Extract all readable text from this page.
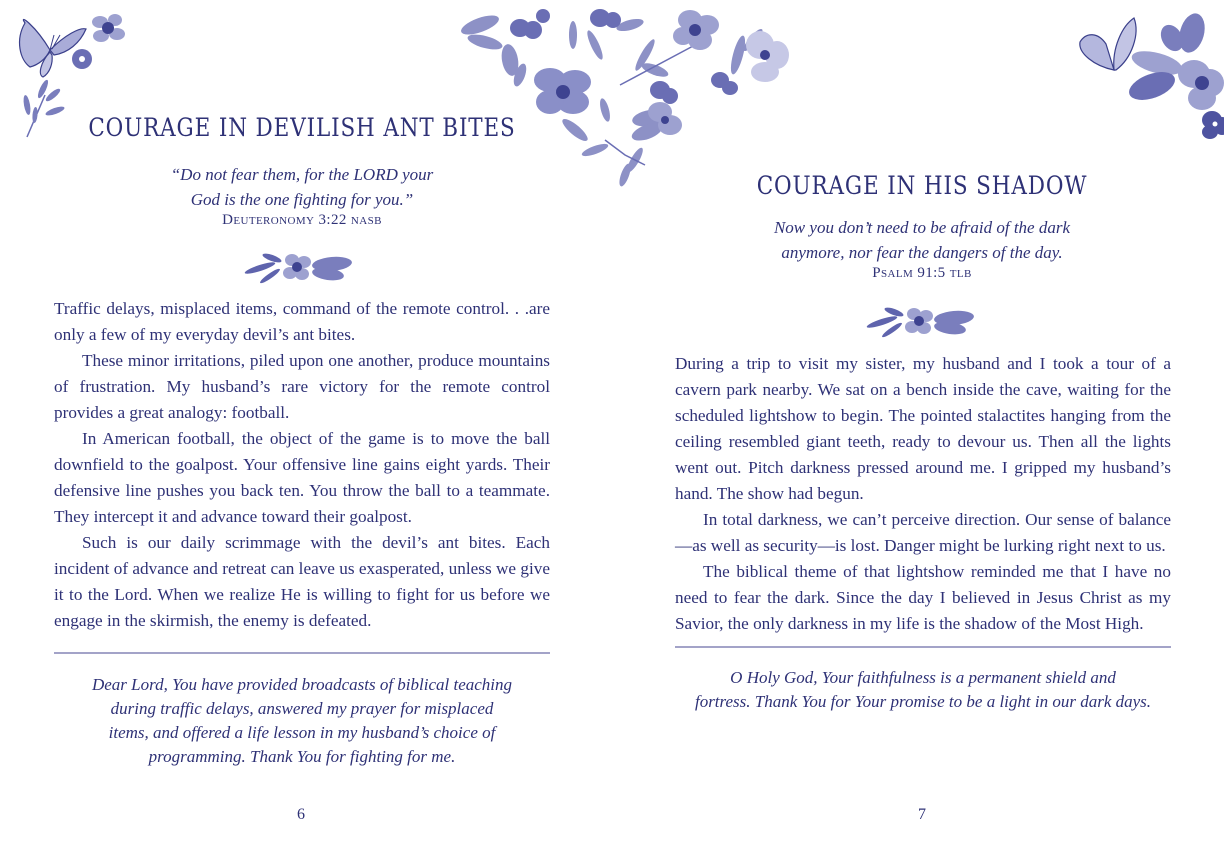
COURAGE IN DEVILISH ANT BITES
“Do not fear them, for the LORD your
God is the one fighting for you.”
Deuteronomy 3:22 nasb

Traffic delays, misplaced items, command of the remote control. . .are only a few of my everyday devil’s ant bites.

These minor irritations, piled upon one another, produce mountains of frustration. My husband’s rare victory for the remote control provides a great analogy: football.

In American football, the object of the game is to move the ball downfield to the goalpost. Your offensive line gains eight yards. Their defensive line pushes you back ten. You throw the ball to a teammate. They intercept it and advance toward their goalpost.

Such is our daily scrimmage with the devil’s ant bites. Each incident of advance and retreat can leave us exasperated, unless we give it to the Lord. When we realize He is willing to fight for us before we engage in the skirmish, the enemy is defeated.

Dear Lord, You have provided broadcasts of biblical teaching
during traffic delays, answered my prayer for misplaced
items, and offered a life lesson in my husband’s choice of
programming. Thank You for fighting for me.
6
COURAGE IN HIS SHADOW
Now you don’t need to be afraid of the dark
anymore, nor fear the dangers of the day.
Psalm 91:5 tlb

During a trip to visit my sister, my husband and I took a tour of a cavern park nearby. We sat on a bench inside the cave, waiting for the scheduled lightshow to begin. The pointed stalactites hanging from the ceiling resembled giant teeth, ready to devour us. Then all the lights went out. Pitch darkness pressed around me. I gripped my husband’s hand. The show had begun.

In total darkness, we can’t perceive direction. Our sense of balance—as well as security—is lost. Danger might be lurking right next to us.

The biblical theme of that lightshow reminded me that I have no need to fear the dark. Since the day I believed in Jesus Christ as my Savior, the only darkness in my life is the shadow of the Most High.

O Holy God, Your faithfulness is a permanent shield and
fortress. Thank You for Your promise to be a light in our dark days.
7
